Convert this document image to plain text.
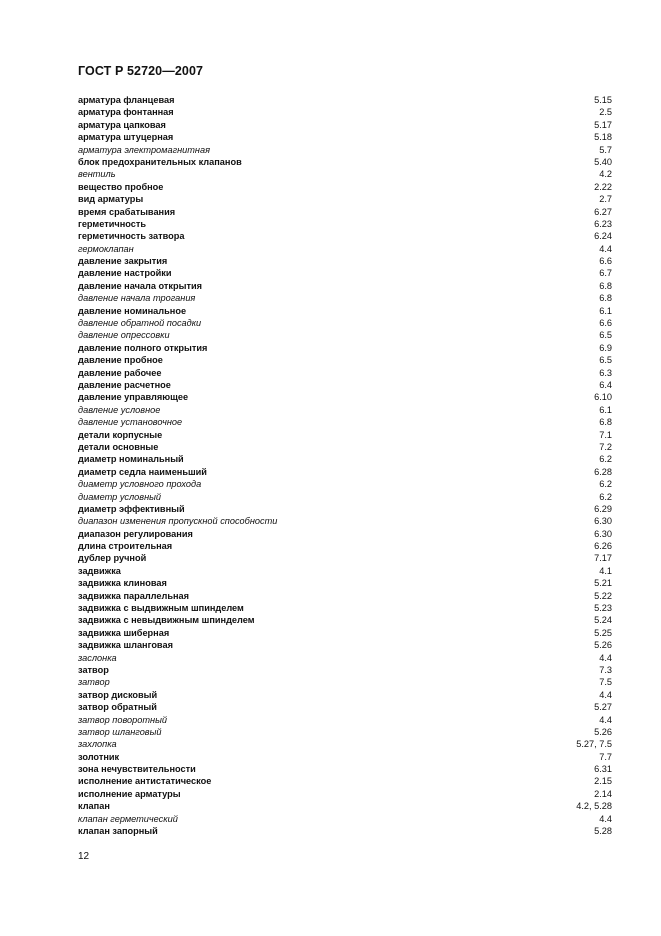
ГОСТ Р 52720—2007
арматура фланцевая	5.15
арматура фонтанная	2.5
арматура цапковая	5.17
арматура штуцерная	5.18
арматура электромагнитная	5.7
блок предохранительных клапанов	5.40
вентиль	4.2
вещество пробное	2.22
вид арматуры	2.7
время срабатывания	6.27
герметичность	6.23
герметичность затвора	6.24
гермоклапан	4.4
давление закрытия	6.6
давление настройки	6.7
давление начала открытия	6.8
давление начала трогания	6.8
давление номинальное	6.1
давление обратной посадки	6.6
давление опрессовки	6.5
давление полного открытия	6.9
давление пробное	6.5
давление рабочее	6.3
давление расчетное	6.4
давление управляющее	6.10
давление условное	6.1
давление установочное	6.8
детали корпусные	7.1
детали основные	7.2
диаметр номинальный	6.2
диаметр седла наименьший	6.28
диаметр условного прохода	6.2
диаметр условный	6.2
диаметр эффективный	6.29
диапазон изменения пропускной способности	6.30
диапазон регулирования	6.30
длина строительная	6.26
дублер ручной	7.17
задвижка	4.1
задвижка клиновая	5.21
задвижка параллельная	5.22
задвижка с выдвижным шпинделем	5.23
задвижка с невыдвижным шпинделем	5.24
задвижка шиберная	5.25
задвижка шланговая	5.26
заслонка	4.4
затвор	7.3
затвор	7.5
затвор дисковый	4.4
затвор обратный	5.27
затвор поворотный	4.4
затвор шланговый	5.26
захлопка	5.27, 7.5
золотник	7.7
зона нечувствительности	6.31
исполнение антистатическое	2.15
исполнение арматуры	2.14
клапан	4.2, 5.28
клапан герметический	4.4
клапан запорный	5.28
12
